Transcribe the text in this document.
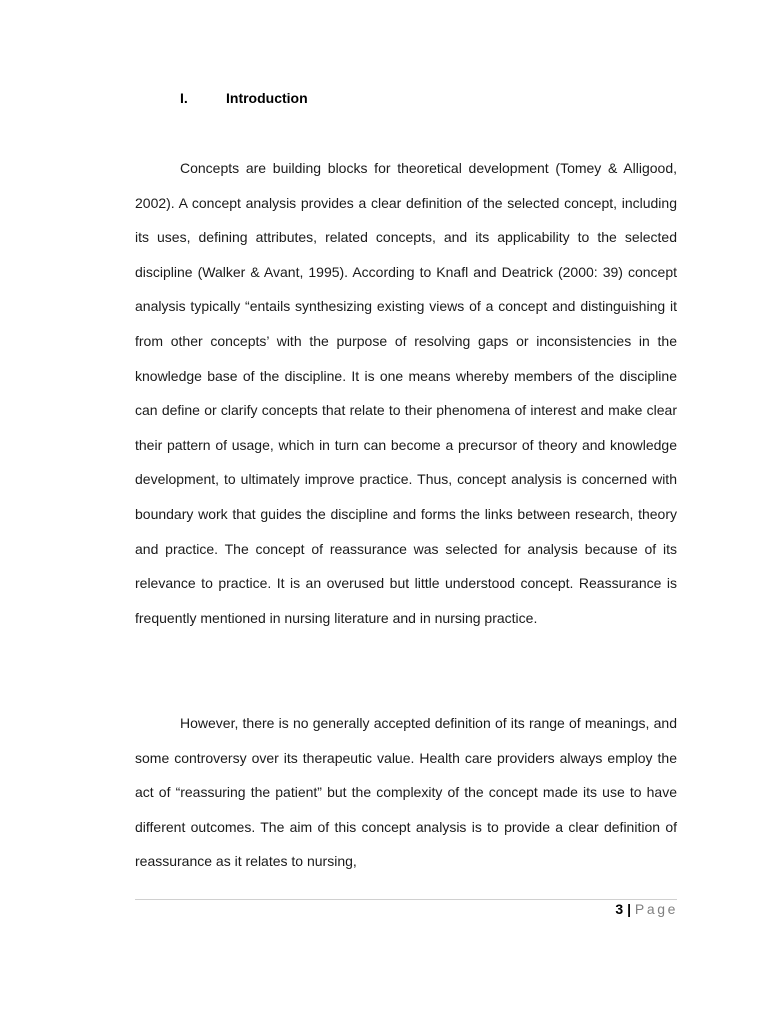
I.	Introduction

Concepts are building blocks for theoretical development (Tomey & Alligood, 2002). A concept analysis provides a clear definition of the selected concept, including its uses, defining attributes, related concepts, and its applicability to the selected discipline (Walker & Avant, 1995). According to Knafl and Deatrick (2000: 39) concept analysis typically “entails synthesizing existing views of a concept and distinguishing it from other concepts’ with the purpose of resolving gaps or inconsistencies in the knowledge base of the discipline. It is one means whereby members of the discipline can define or clarify concepts that relate to their phenomena of interest and make clear their pattern of usage, which in turn can become a precursor of theory and knowledge development, to ultimately improve practice. Thus, concept analysis is concerned with boundary work that guides the discipline and forms the links between research, theory and practice. The concept of reassurance was selected for analysis because of its relevance to practice. It is an overused but little understood concept. Reassurance is frequently mentioned in nursing literature and in nursing practice.

However, there is no generally accepted definition of its range of meanings, and some controversy over its therapeutic value. Health care providers always employ the act of “reassuring the patient” but the complexity of the concept made its use to have different outcomes. The aim of this concept analysis is to provide a clear definition of reassurance as it relates to nursing,

3 | Page
